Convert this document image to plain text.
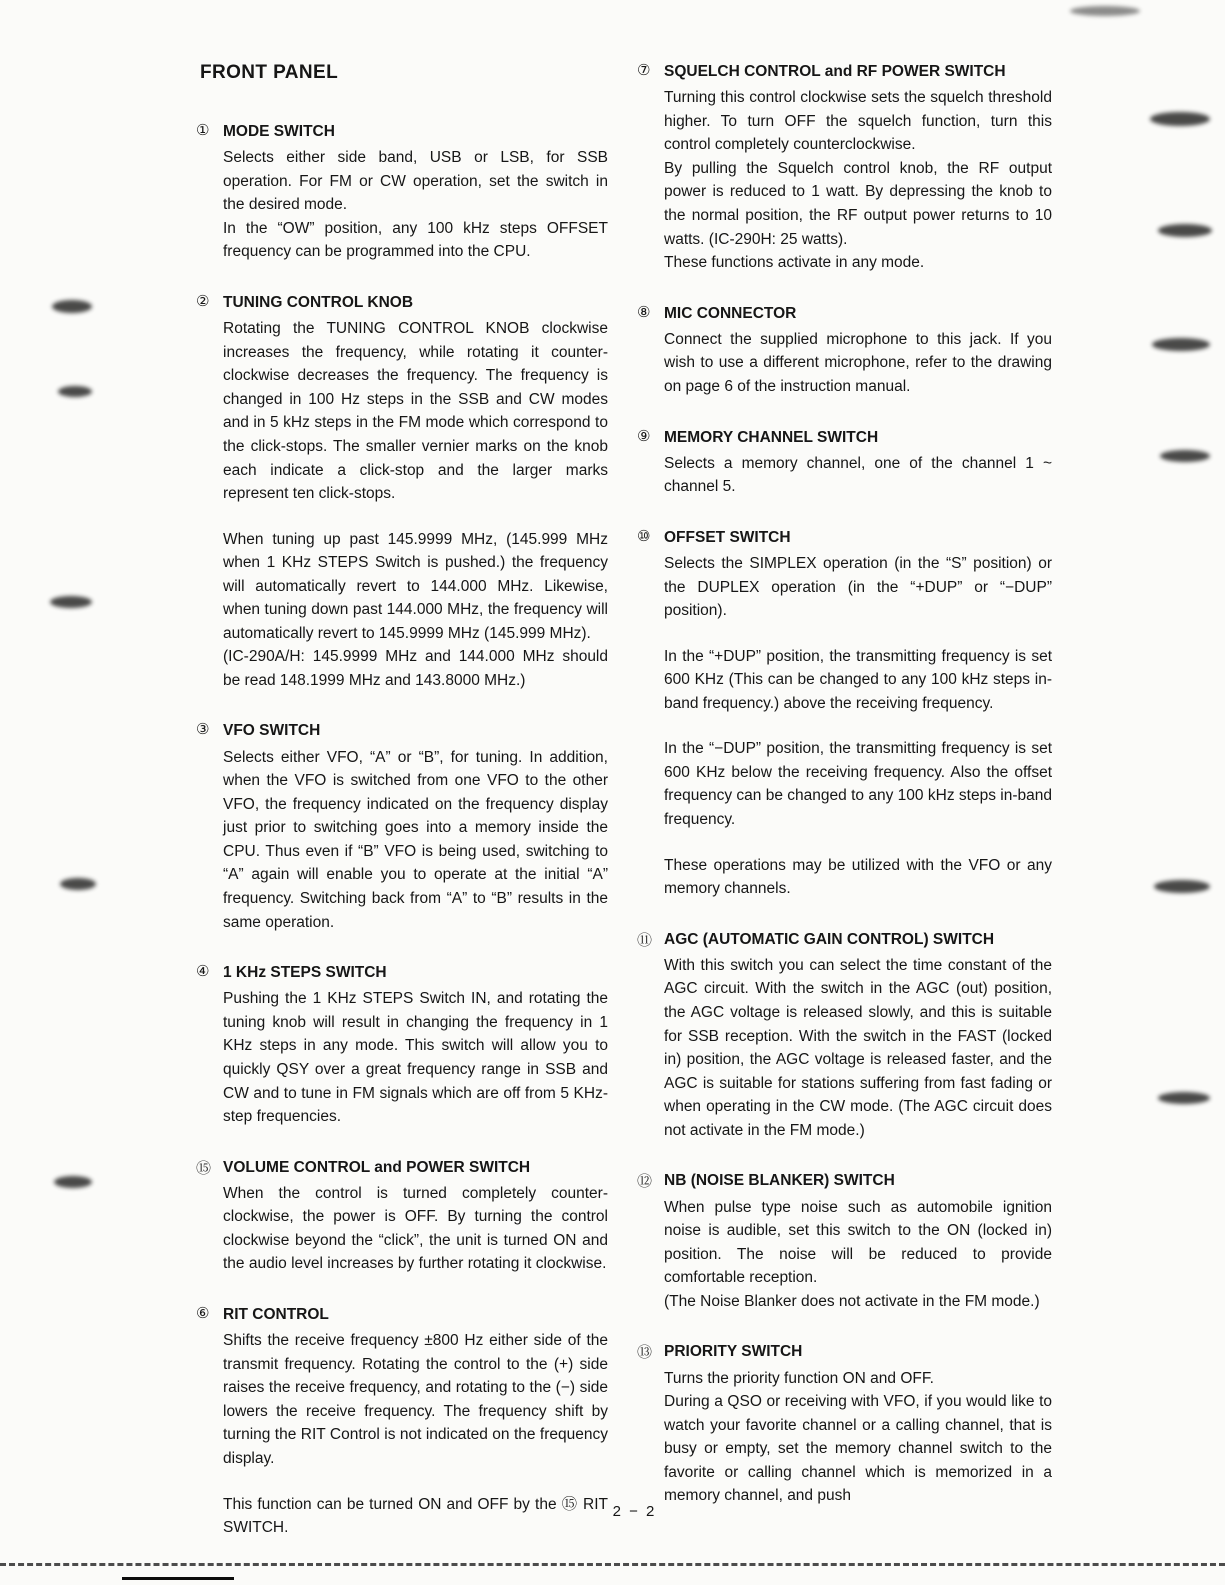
FRONT PANEL
① MODE SWITCH

Selects either side band, USB or LSB, for SSB operation. For FM or CW operation, set the switch in the desired mode.

In the “OW” position, any 100 kHz steps OFFSET frequency can be programmed into the CPU.

② TUNING CONTROL KNOB

Rotating the TUNING CONTROL KNOB clockwise increases the frequency, while rotating it counter-clockwise decreases the frequency. The frequency is changed in 100 Hz steps in the SSB and CW modes and in 5 kHz steps in the FM mode which correspond to the click-stops. The smaller vernier marks on the knob each indicate a click-stop and the larger marks represent ten click-stops.

When tuning up past 145.9999 MHz, (145.999 MHz when 1 KHz STEPS Switch is pushed.) the frequency will automatically revert to 144.000 MHz. Likewise, when tuning down past 144.000 MHz, the frequency will automatically revert to 145.9999 MHz (145.999 MHz).

(IC-290A/H: 145.9999 MHz and 144.000 MHz should be read 148.1999 MHz and 143.8000 MHz.)

③ VFO SWITCH

Selects either VFO, “A” or “B”, for tuning. In addition, when the VFO is switched from one VFO to the other VFO, the frequency indicated on the frequency display just prior to switching goes into a memory inside the CPU. Thus even if “B” VFO is being used, switching to “A” again will enable you to operate at the initial “A” frequency. Switching back from “A” to “B” results in the same operation.

④ 1 KHz STEPS SWITCH

Pushing the 1 KHz STEPS Switch IN, and rotating the tuning knob will result in changing the frequency in 1 KHz steps in any mode. This switch will allow you to quickly QSY over a great frequency range in SSB and CW and to tune in FM signals which are off from 5 KHz-step frequencies.

⑮ VOLUME CONTROL and POWER SWITCH

When the control is turned completely counter-clockwise, the power is OFF. By turning the control clockwise beyond the “click”, the unit is turned ON and the audio level increases by further rotating it clockwise.

⑥ RIT CONTROL

Shifts the receive frequency ±800 Hz either side of the transmit frequency. Rotating the control to the (+) side raises the receive frequency, and rotating to the (−) side lowers the receive frequency. The frequency shift by turning the RIT Control is not indicated on the frequency display.

This function can be turned ON and OFF by the ⑮ RIT SWITCH.

⑦ SQUELCH CONTROL and RF POWER SWITCH

Turning this control clockwise sets the squelch threshold higher. To turn OFF the squelch function, turn this control completely counterclockwise.

By pulling the Squelch control knob, the RF output power is reduced to 1 watt. By depressing the knob to the normal position, the RF output power returns to 10 watts. (IC-290H: 25 watts).

These functions activate in any mode.

⑧ MIC CONNECTOR

Connect the supplied microphone to this jack. If you wish to use a different microphone, refer to the drawing on page 6 of the instruction manual.

⑨ MEMORY CHANNEL SWITCH

Selects a memory channel, one of the channel 1 ~ channel 5.

⑩ OFFSET SWITCH

Selects the SIMPLEX operation (in the “S” position) or the DUPLEX operation (in the “+DUP” or “−DUP” position).

In the “+DUP” position, the transmitting frequency is set 600 KHz (This can be changed to any 100 kHz steps in-band frequency.) above the receiving frequency.

In the “−DUP” position, the transmitting frequency is set 600 KHz below the receiving frequency. Also the offset frequency can be changed to any 100 kHz steps in-band frequency.

These operations may be utilized with the VFO or any memory channels.

⑪ AGC (AUTOMATIC GAIN CONTROL) SWITCH

With this switch you can select the time constant of the AGC circuit. With the switch in the AGC (out) position, the AGC voltage is released slowly, and this is suitable for SSB reception. With the switch in the FAST (locked in) position, the AGC voltage is released faster, and the AGC is suitable for stations suffering from fast fading or when operating in the CW mode. (The AGC circuit does not activate in the FM mode.)

⑫ NB (NOISE BLANKER) SWITCH

When pulse type noise such as automobile ignition noise is audible, set this switch to the ON (locked in) position. The noise will be reduced to provide comfortable reception.

(The Noise Blanker does not activate in the FM mode.)

⑬ PRIORITY SWITCH

Turns the priority function ON and OFF.

During a QSO or receiving with VFO, if you would like to watch your favorite channel or a calling channel, that is busy or empty, set the memory channel switch to the favorite or calling channel which is memorized in a memory channel, and push

2 − 2
